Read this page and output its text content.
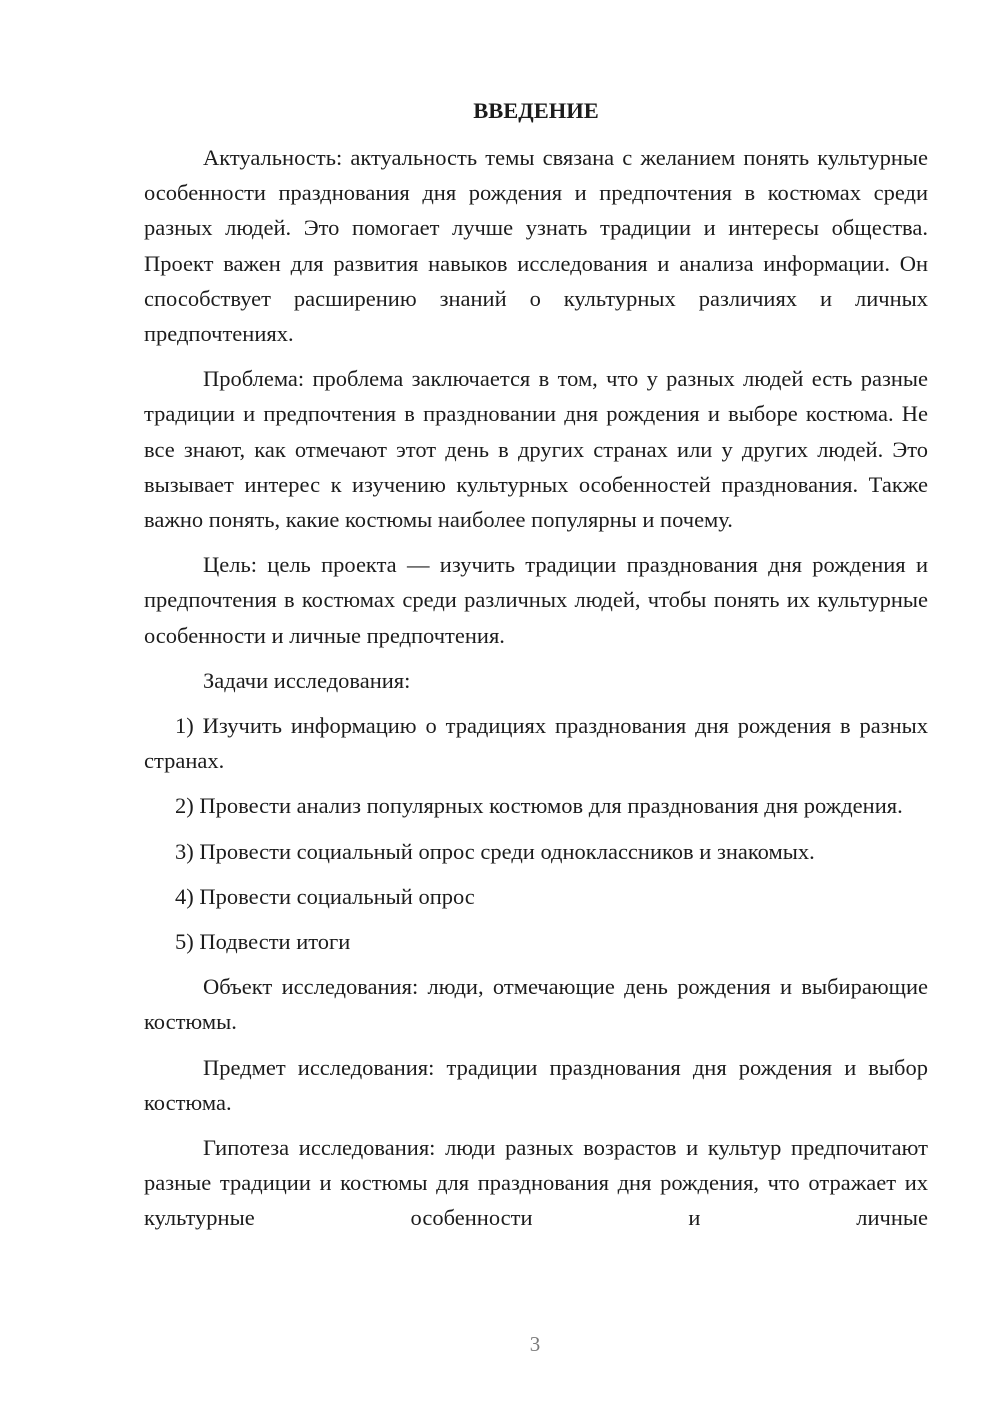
ВВЕДЕНИЕ

Актуальность: актуальность темы связана с желанием понять культурные особенности празднования дня рождения и предпочтения в костюмах среди разных людей. Это помогает лучше узнать традиции и интересы общества. Проект важен для развития навыков исследования и анализа информации. Он способствует расширению знаний о культурных различиях и личных предпочтениях.

Проблема: проблема заключается в том, что у разных людей есть разные традиции и предпочтения в праздновании дня рождения и выборе костюма. Не все знают, как отмечают этот день в других странах или у других людей. Это вызывает интерес к изучению культурных особенностей празднования. Также важно понять, какие костюмы наиболее популярны и почему.

Цель: цель проекта — изучить традиции празднования дня рождения и предпочтения в костюмах среди различных людей, чтобы понять их культурные особенности и личные предпочтения.

Задачи исследования:

1) Изучить информацию о традициях празднования дня рождения в разных странах.

2) Провести анализ популярных костюмов для празднования дня рождения.

3) Провести социальный опрос среди одноклассников и знакомых.

4) Провести социальный опрос

5) Подвести итоги

Объект исследования: люди, отмечающие день рождения и выбирающие костюмы.

Предмет исследования: традиции празднования дня рождения и выбор костюма.

Гипотеза исследования: люди разных возрастов и культур предпочитают разные традиции и костюмы для празднования дня рождения, что отражает их культурные особенности и личные

3
